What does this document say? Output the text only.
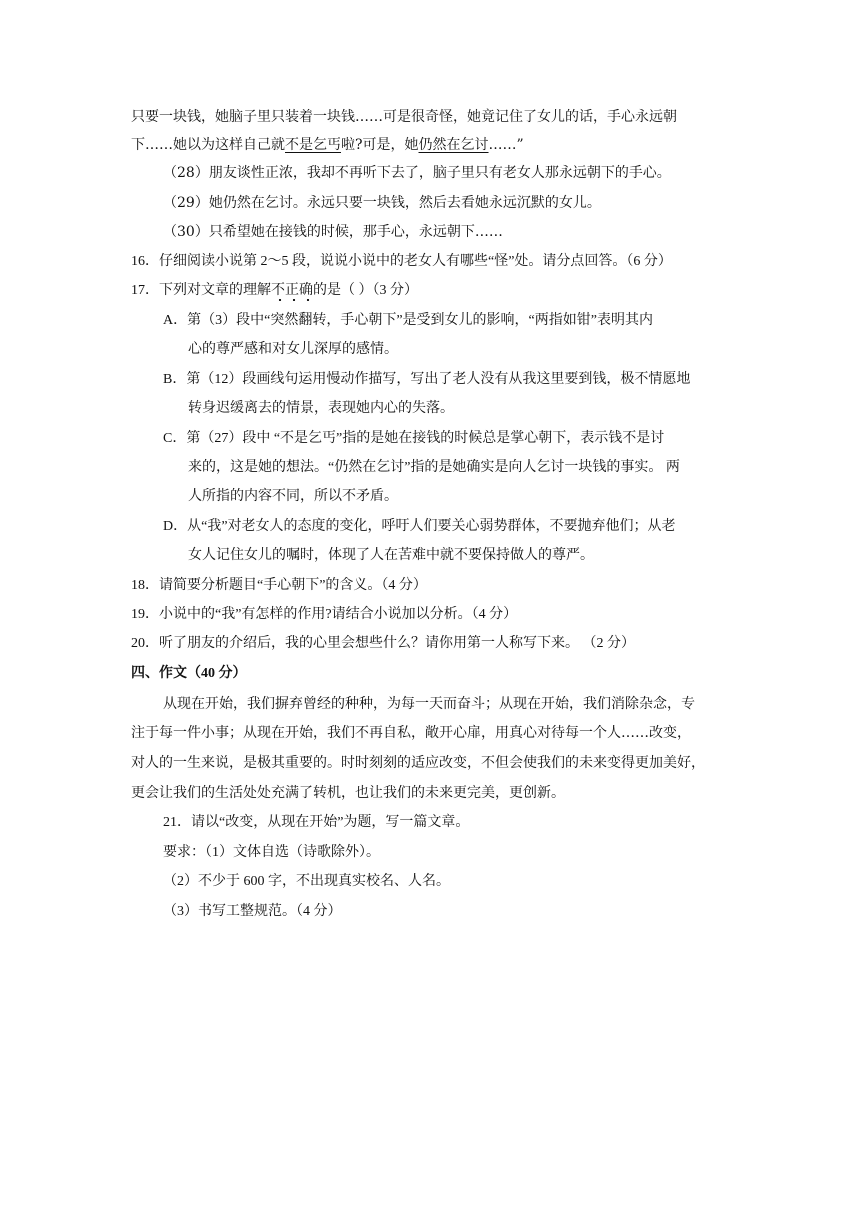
只要一块钱，她脑子里只装着一块钱……可是很奇怪，她竟记住了女儿的话，手心永远朝
下……她以为这样自己就不是乞丐啦?可是，她仍然在乞讨……”
（28）朋友谈性正浓，我却不再听下去了，脑子里只有老女人那永远朝下的手心。
（29）她仍然在乞讨。永远只要一块钱，然后去看她永远沉默的女儿。
（30）只希望她在接钱的时候，那手心，永远朝下……
16．仔细阅读小说第 2～5 段，说说小说中的老女人有哪些“怪”处。请分点回答。（6 分）
17．下列对文章的理解不正确的是（ ）（3 分）
A．第（3）段中“突然翻转，手心朝下”是受到女儿的影响，“两指如钳”表明其内
心的尊严感和对女儿深厚的感情。
B．第（12）段画线句运用慢动作描写，写出了老人没有从我这里要到钱，极不情愿地
转身迟缓离去的情景，表现她内心的失落。
C．第（27）段中 “不是乞丐”指的是她在接钱的时候总是掌心朝下，表示钱不是讨
来的，这是她的想法。“仍然在乞讨”指的是她确实是向人乞讨一块钱的事实。 两
人所指的内容不同，所以不矛盾。
D．从“我”对老女人的态度的变化，呼吁人们要关心弱势群体，不要抛弃他们；从老
女人记住女儿的嘱时，体现了人在苦难中就不要保持做人的尊严。
18．请简要分析题目“手心朝下”的含义。（4 分）
19．小说中的“我”有怎样的作用?请结合小说加以分析。（4 分）
20．听了朋友的介绍后，我的心里会想些什么？请你用第一人称写下来。 （2 分）
四、作文（40 分）
从现在开始，我们摒弃曾经的种种，为每一天而奋斗；从现在开始，我们消除杂念，专
注于每一件小事；从现在开始，我们不再自私，敞开心扉，用真心对待每一个人……改变，
对人的一生来说，是极其重要的。时时刻刻的适应改变，不但会使我们的未来变得更加美好，
更会让我们的生活处处充满了转机，也让我们的未来更完美，更创新。
21．请以“改变，从现在开始”为题，写一篇文章。
要求：（1）文体自选（诗歌除外）。
（2）不少于 600 字，不出现真实校名、人名。
（3）书写工整规范。（4 分）
